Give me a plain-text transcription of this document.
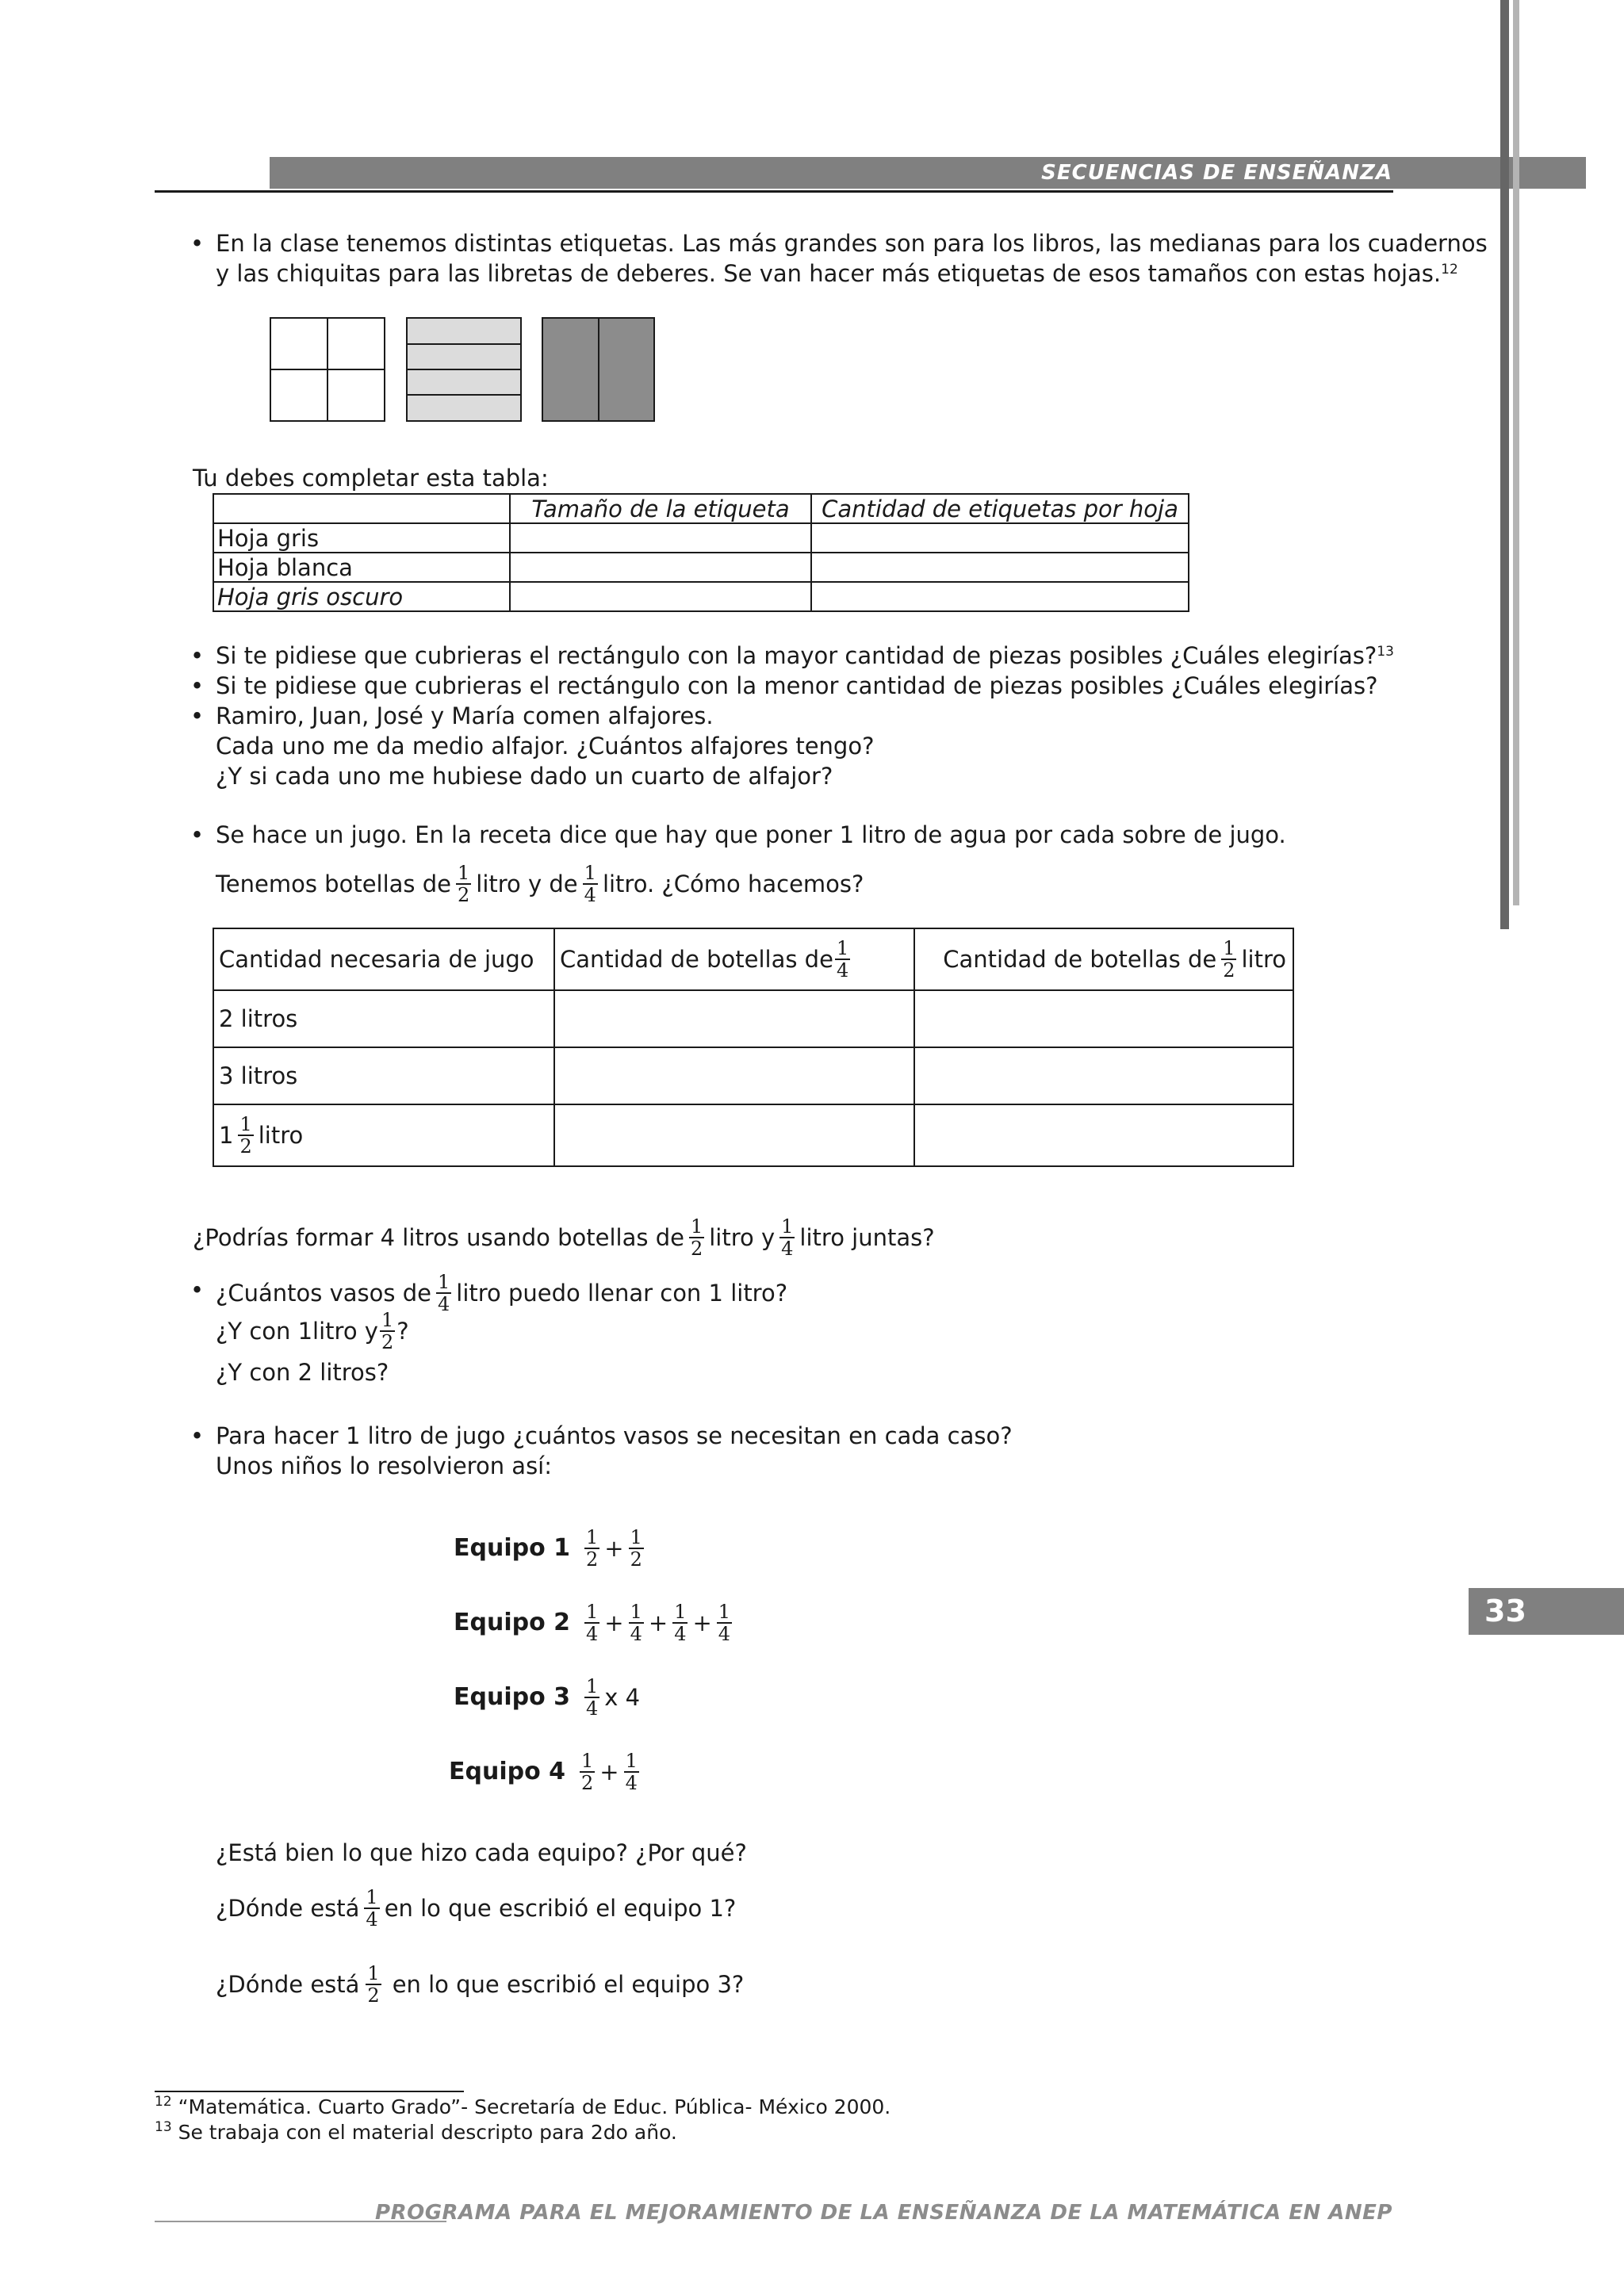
SECUENCIAS DE ENSEÑANZA
33
• En la clase tenemos distintas etiquetas. Las más grandes son para los libros, las medianas para los cuadernos
y las chiquitas para las libretas de deberes. Se van hacer más etiquetas de esos tamaños con estas hojas.$^{12}$
Tu debes completar esta tabla:
	Tamaño de la etiqueta	Cantidad de etiquetas por hoja
Hoja gris		
Hoja blanca		
Hoja gris oscuro		
• Si te pidiese que cubrieras el rectángulo con la mayor cantidad de piezas posibles ¿Cuáles elegirías?$^{13}$
• Si te pidiese que cubrieras el rectángulo con la menor cantidad de piezas posibles ¿Cuáles elegirías?
• Ramiro, Juan, José y María comen alfajores.
Cada uno me da medio alfajor. ¿Cuántos alfajores tengo?
¿Y si cada uno me hubiese dado un cuarto de alfajor?
• Se hace un jugo. En la receta dice que hay que poner 1 litro de agua por cada sobre de jugo.
Tenemos botellas de $\frac{1}{2}$ litro y de $\frac{1}{4}$ litro. ¿Cómo hacemos?
Cantidad necesaria de jugo	Cantidad de botellas de $\frac{1}{4}$	Cantidad de botellas de $\frac{1}{2}$ litro

2 litros		
3 litros		

$1 \frac{1}{2}$ litro		

¿Podrías formar 4 litros usando botellas de $\frac{1}{2}$ litro y $\frac{1}{4}$ litro juntas?
• ¿Cuántos vasos de $\frac{1}{4}$ litro puedo llenar con 1 litro?
¿Y con 1litro y $\frac{1}{2}$ ?
¿Y con 2 litros?
• Para hacer 1 litro de jugo ¿cuántos vasos se necesitan en cada caso?
Unos niños lo resolvieron así:
Equipo $1 \frac{1}{2} + \frac{1}{2}$
Equipo $2 \frac{1}{4} + \frac{1}{4} + \frac{1}{4} + \frac{1}{4}$
Equipo $3 \frac{1}{4}$ x 4
Equipo $4 \frac{1}{2} + \frac{1}{4}$
¿Está bien lo que hizo cada equipo? ¿Por qué?
¿Dónde está $\frac{1}{4}$ en lo que escribió el equipo 1?
¿Dónde está $\frac{1}{2}$ en lo que escribió el equipo 3?
$^{12}$ “Matemática. Cuarto Grado”- Secretaría de Educ. Pública- México 2000.
$^{13}$ Se trabaja con el material descripto para 2do año.
PROGRAMA PARA EL MEJORAMIENTO DE LA ENSEÑANZA DE LA MATEMÁTICA EN ANEP
